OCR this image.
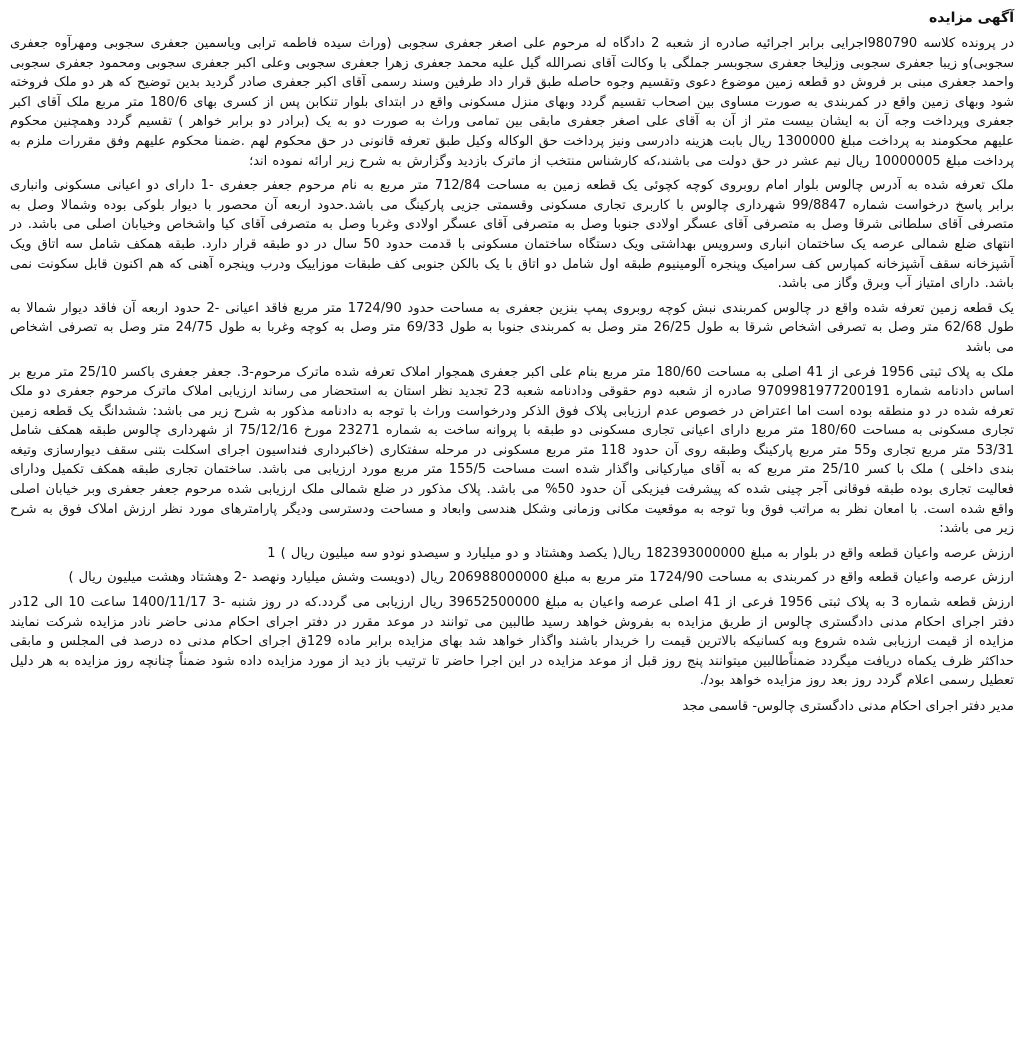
آگهی مزایده

در پرونده کلاسه 980790اجرایی برابر اجرائیه صادره از شعبه 2 دادگاه له مرحوم علی اصغر جعفری سجوبی (وراث سیده فاطمه ترابی ویاسمین جعفری سجوبی ومهرآوه جعفری سجوبی)و زیبا جعفری سجوبی وزلیخا جعفری سجوبسر جملگی با وکالت آقای نصرالله گیل علیه محمد جعفری زهرا جعفری سجوبی وعلی اکبر جعفری سجوبی ومحمود جعفری سجوبی واحمد جعفری مبنی بر فروش دو قطعه زمین موضوع دعوی وتقسیم وجوه حاصله طبق قرار داد طرفین وسند رسمی آقای اکبر جعفری صادر گردید بدین توضیح که هر دو ملک فروخته شود وبهای زمین واقع در کمربندی به صورت مساوی بین اصحاب تقسیم گردد وبهای منزل مسکونی واقع در ابتدای بلوار تنکابن پس از کسری بهای 180/6 متر مربع ملک آقای اکبر جعفری وپرداخت وجه آن به ایشان بیست متر از آن به آقای علی اصغر جعفری مابقی بین تمامی وراث به صورت دو به یک (برادر دو برابر خواهر ) تقسیم گردد وهمچنین محکوم علیهم محکومند به پرداخت مبلغ 1300000 ریال بابت هزینه دادرسی ونیز پرداخت حق الوکاله وکیل طبق تعرفه قانونی در حق محکوم لهم .ضمنا محکوم علیهم وفق مقررات ملزم به پرداخت مبلغ 10000005 ریال نیم عشر در حق دولت می باشند،که کارشناس منتخب از ماترک بازدید وگزارش به شرح زیر ارائه نموده اند؛

ملک تعرفه شده به آدرس چالوس بلوار امام روبروی کوچه کچوئی یک قطعه زمین به مساحت 712/84 متر مربع به نام مرحوم جعفر جعفری -1 دارای دو اعیانی مسکونی وانباری برابر پاسخ درخواست شماره 99/8847 شهرداری چالوس با کاربری تجاری مسکونی وقسمتی جزیی پارکینگ می باشد.حدود اربعه آن محصور با دیوار بلوکی بوده وشمالا وصل به متصرفی آقای سلطانی شرقا وصل به متصرفی آقای عسگر اولادی جنوبا وصل به متصرفی آقای عسگر اولادی وغربا وصل به متصرفی آقای کیا واشخاص وخیابان اصلی می باشد. در انتهای ضلع شمالی عرصه یک ساختمان انباری وسرویس بهداشتی ویک دستگاه ساختمان مسکونی با قدمت حدود 50 سال در دو طبقه قرار دارد. طبقه همکف شامل سه اتاق ویک آشپزخانه سقف آشپزخانه کمپارس کف سرامیک وپنجره آلومینیوم طبقه اول شامل دو اتاق با یک بالکن جنوبی کف طبقات موزاییک ودرب وپنجره آهنی که هم اکنون قابل سکونت نمی باشد. دارای امتیاز آب وبرق وگاز می باشد.

یک قطعه زمین تعرفه شده واقع در چالوس کمربندی نبش کوچه روبروی پمپ بنزین جعفری به مساحت حدود 1724/90 متر مربع فاقد اعیانی -2 حدود اربعه آن فاقد دیوار شمالا به طول 62/68 متر وصل به تصرفی اشخاص شرقا به طول 26/25 متر وصل به کمربندی جنوبا به طول 69/33 متر وصل به کوچه وغربا به طول 24/75 متر وصل به تصرفی اشخاص می باشد

ملک به پلاک ثبتی 1956 فرعی از 41 اصلی به مساحت 180/60 متر مربع بنام علی اکبر جعفری همجوار املاک تعرفه شده ماترک مرحوم-3. جعفر جعفری باکسر 25/10 متر مربع بر اساس دادنامه شماره 9709981977200191 صادره از شعبه دوم حقوقی ودادنامه شعبه 23 تجدید نظر استان به استحضار می رساند ارزیابی املاک ماترک مرحوم جعفری دو ملک تعرفه شده در دو منطقه بوده است اما اعتراض در خصوص عدم ارزیابی پلاک فوق الذکر ودرخواست وراث با توجه به دادنامه مذکور به شرح زیر می باشد: ششدانگ یک قطعه زمین تجاری مسکونی به مساحت 180/60 متر مربع دارای اعیانی تجاری مسکونی دو طبقه با پروانه ساخت به شماره 23271 مورخ 75/12/16 از شهرداری چالوس طبقه همکف شامل 53/31 متر مربع تجاری و55 متر مربع پارکینگ وطبقه روی آن حدود 118 متر مربع مسکونی در مرحله سفتکاری (خاکبرداری فنداسیون اجرای اسکلت بتنی سقف دیوارسازی وتیغه بندی داخلی ) ملک با کسر 25/10 متر مربع که به آقای میارکیانی واگذار شده است مساحت 155/5 متر مربع مورد ارزیابی می باشد. ساختمان تجاری طبقه همکف تکمیل ودارای فعالیت تجاری بوده طبقه فوقانی آجر چینی شده که پیشرفت فیزیکی آن حدود 50% می باشد. پلاک مذکور در ضلع شمالی ملک ارزیابی شده مرحوم جعفر جعفری وبر خیابان اصلی واقع شده است. با امعان نظر به مراتب فوق وبا توجه به موقعیت مکانی وزمانی وشکل هندسی وابعاد و مساحت ودسترسی ودیگر پارامترهای مورد نظر ارزش املاک فوق به شرح زیر می باشد:

ارزش عرصه واعیان قطعه واقع در بلوار به مبلغ 182393000000 ریال( یکصد وهشتاد و دو میلیارد و سیصدو نودو سه میلیون ریال ) 1

ارزش عرصه واعیان قطعه واقع در کمربندی به مساحت 1724/90 متر مربع به مبلغ 206988000000 ریال (دویست وشش میلیارد ونهصد -2 وهشتاد وهشت میلیون ریال )

ارزش قطعه شماره 3 به پلاک ثبتی 1956 فرعی از 41 اصلی عرصه واعیان به مبلغ 39652500000 ریال ارزیابی می گردد.که در روز شنبه -3 1400/11/17 ساعت 10 الی 12در دفتر اجرای احکام مدنی دادگستری چالوس از طریق مزایده به بفروش خواهد رسید طالبین می توانند در موعد مقرر در دفتر اجرای احکام مدنی حاضر نادر مزایده شرکت نمایند مزایده از قیمت ارزیابی شده شروع وبه کسانیکه بالاترین قیمت را خریدار باشند واگذار خواهد شد بهای مزایده برابر ماده 129ق اجرای احکام مدنی ده درصد فی المجلس و مابقی حداکثر ظرف یکماه دریافت میگردد ضمناًطالبین میتوانند پنج روز قبل از موعد مزایده در این اجرا حاضر تا ترتیب باز دید از مورد مزایده داده شود ضمناً چنانچه روز مزایده به هر دلیل تعطیل رسمی اعلام گردد روز بعد روز مزایده خواهد بود/.

مدیر دفتر اجرای احکام مدنی دادگستری چالوس- قاسمی مجد
